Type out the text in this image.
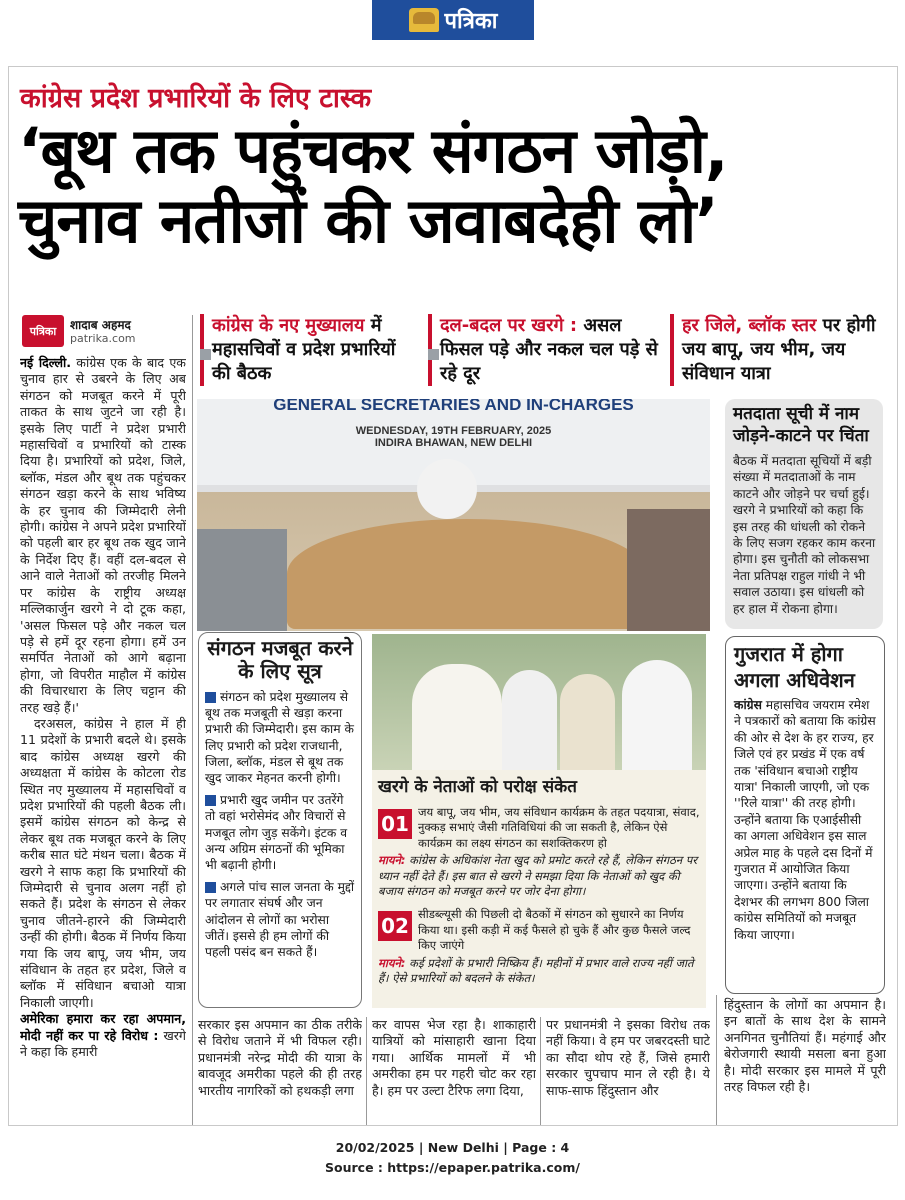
पत्रिका
कांग्रेस प्रदेश प्रभारियों के लिए टास्क
‘बूथ तक पहुंचकर संगठन जोड़ो,
चुनाव नतीजों की जवाबदेही लो’
पत्रिका	शादाब अहमद
patrika.com

नई दिल्ली. कांग्रेस एक के बाद एक चुनाव हार से उबरने के लिए अब संगठन को मजबूत करने में पूरी ताकत के साथ जुटने जा रही है। इसके लिए पार्टी ने प्रदेश प्रभारी महासचिवों व प्रभारियों को टास्क दिया है। प्रभारियों को प्रदेश, जिले, ब्लॉक, मंडल और बूथ तक पहुंचकर संगठन खड़ा करने के साथ भविष्य के हर चुनाव की जिम्मेदारी लेनी होगी। कांग्रेस ने अपने प्रदेश प्रभारियों को पहली बार हर बूथ तक खुद जाने के निर्देश दिए हैं। वहीं दल-बदल से आने वाले नेताओं को तरजीह मिलने पर कांग्रेस के राष्ट्रीय अध्यक्ष मल्लिकार्जुन खरगे ने दो टूक कहा, 'असल फिसल पड़े और नकल चल पड़े से हमें दूर रहना होगा। हमें उन समर्पित नेताओं को आगे बढ़ाना होगा, जो विपरीत माहौल में कांग्रेस की विचारधारा के लिए चट्टान की तरह खड़े हैं।'

दरअसल, कांग्रेस ने हाल में ही 11 प्रदेशों के प्रभारी बदले थे। इसके बाद कांग्रेस अध्यक्ष खरगे की अध्यक्षता में कांग्रेस के कोटला रोड स्थित नए मुख्यालय में महासचिवों व प्रदेश प्रभारियों की पहली बैठक ली। इसमें कांग्रेस संगठन को केन्द्र से लेकर बूथ तक मजबूत करने के लिए करीब सात घंटे मंथन चला। बैठक में खरगे ने साफ कहा कि प्रभारियों की जिम्मेदारी से चुनाव अलग नहीं हो सकते हैं। प्रदेश के संगठन से लेकर चुनाव जीतने-हारने की जिम्मेदारी उन्हीं की होगी। बैठक में निर्णय किया गया कि जय बापू, जय भीम, जय संविधान के तहत हर प्रदेश, जिले व ब्लॉक में संविधान बचाओ यात्रा निकाली जाएगी।

अमेरिका हमारा कर रहा अपमान, मोदी नहीं कर पा रहे विरोध : खरगे ने कहा कि हमारी

कांग्रेस के नए मुख्यालय में महासचिवों व प्रदेश प्रभारियों की बैठक
दल-बदल पर खरगे : असल फिसल पड़े और नकल चल पड़े से रहे दूर
हर जिले, ब्लॉक स्तर पर होगी जय बापू, जय भीम, जय संविधान यात्रा
GENERAL SECRETARIES AND IN-CHARGES
WEDNESDAY, 19TH FEBRUARY, 2025
INDIRA BHAWAN, NEW DELHI
मतदाता सूची में नाम जोड़ने-काटने पर चिंता

बैठक में मतदाता सूचियों में बड़ी संख्या में मतदाताओं के नाम काटने और जोड़ने पर चर्चा हुई। खरगे ने प्रभारियों को कहा कि इस तरह की धांधली को रोकने के लिए सजग रहकर काम करना होगा। इस चुनौती को लोकसभा नेता प्रतिपक्ष राहुल गांधी ने भी सवाल उठाया। इस धांधली को हर हाल में रोकना होगा।

संगठन मजबूत करने के लिए सूत्र
संगठन को प्रदेश मुख्यालय से बूथ तक मजबूती से खड़ा करना प्रभारी की जिम्मेदारी। इस काम के लिए प्रभारी को प्रदेश राजधानी, जिला, ब्लॉक, मंडल से बूथ तक खुद जाकर मेहनत करनी होगी।
प्रभारी खुद जमीन पर उतरेंगे तो वहां भरोसेमंद और विचारों से मजबूत लोग जुड़ सकेंगे। इंटक व अन्य अग्रिम संगठनों की भूमिका भी बढ़ानी होगी।
अगले पांच साल जनता के मुद्दों पर लगातार संघर्ष और जन आंदोलन से लोगों का भरोसा जीतें। इससे ही हम लोगों की पहली पसंद बन सकते हैं।
खरगे के नेताओं को परोक्ष संकेत
01 जय बापू, जय भीम, जय संविधान कार्यक्रम के तहत पदयात्रा, संवाद, नुक्कड़ सभाएं जैसी गतिविधियां की जा सकती है, लेकिन ऐसे कार्यक्रम का लक्ष्य संगठन का सशक्तिकरण हो
मायने: कांग्रेस के अधिकांश नेता खुद को प्रमोट करते रहे हैं, लेकिन संगठन पर ध्यान नहीं देते हैं। इस बात से खरगे ने समझा दिया कि नेताओं को खुद की बजाय संगठन को मजबूत करने पर जोर देना होगा।
02 सीडब्ल्यूसी की पिछली दो बैठकों में संगठन को सुधारने का निर्णय किया था। इसी कड़ी में कई फैसले हो चुके हैं और कुछ फैसले जल्द किए जाएंगे
मायने: कई प्रदेशों के प्रभारी निष्क्रिय हैं। महीनों में प्रभार वाले राज्य नहीं जाते हैं। ऐसे प्रभारियों को बदलने के संकेत।
गुजरात में होगा अगला अधिवेशन

कांग्रेस महासचिव जयराम रमेश ने पत्रकारों को बताया कि कांग्रेस की ओर से देश के हर राज्य, हर जिले एवं हर प्रखंड में एक वर्ष तक 'संविधान बचाओ राष्ट्रीय यात्रा' निकाली जाएगी, जो एक ''रिले यात्रा'' की तरह होगी। उन्होंने बताया कि एआईसीसी का अगला अधिवेशन इस साल अप्रेल माह के पहले दस दिनों में गुजरात में आयोजित किया जाएगा। उन्होंने बताया कि देशभर की लगभग 800 जिला कांग्रेस समितियों को मजबूत किया जाएगा।

सरकार इस अपमान का ठीक तरीके से विरोध जताने में भी विफल रही। प्रधानमंत्री नरेन्द्र मोदी की यात्रा के बावजूद अमरीका पहले की ही तरह भारतीय नागरिकों को हथकड़ी लगा

कर वापस भेज रहा है। शाकाहारी यात्रियों को मांसाहारी खाना दिया गया। आर्थिक मामलों में भी अमरीका हम पर गहरी चोट कर रहा है। हम पर उल्टा टैरिफ लगा दिया,

पर प्रधानमंत्री ने इसका विरोध तक नहीं किया। वे हम पर जबरदस्ती घाटे का सौदा थोप रहे हैं, जिसे हमारी सरकार चुपचाप मान ले रही है। ये साफ-साफ हिंदुस्तान और

हिंदुस्तान के लोगों का अपमान है। इन बातों के साथ देश के सामने अनगिनत चुनौतियां हैं। महंगाई और बेरोजगारी स्थायी मसला बना हुआ है। मोदी सरकार इस मामले में पूरी तरह विफल रही है।

20/02/2025 | New Delhi | Page : 4
Source : https://epaper.patrika.com/
